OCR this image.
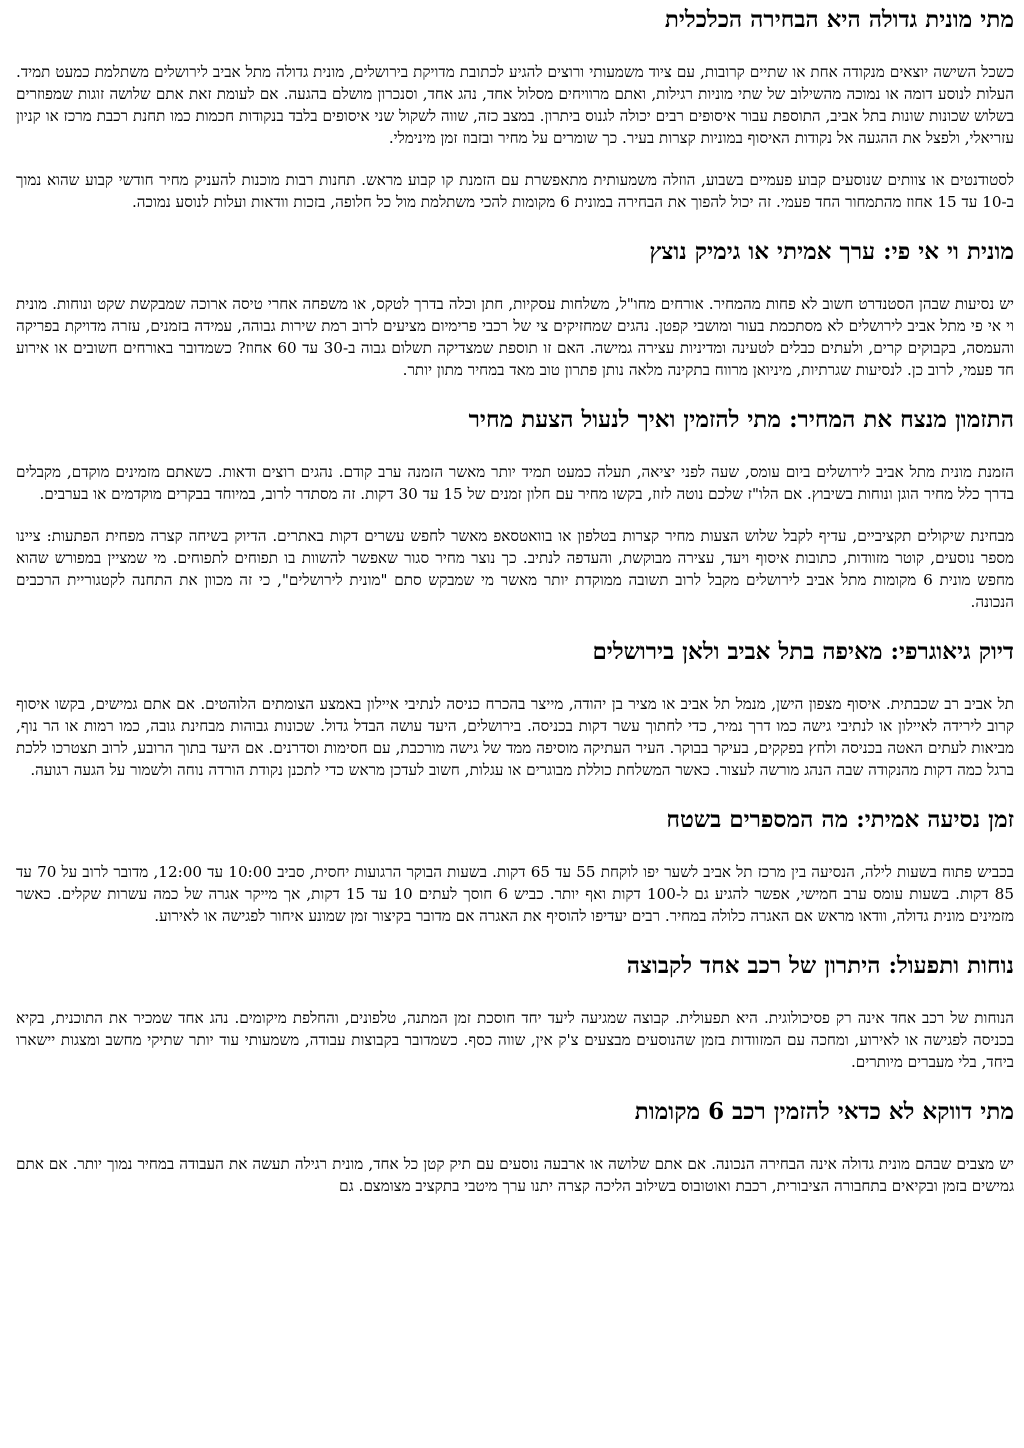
מתי מונית גדולה היא הבחירה הכלכלית

כשכל השישה יוצאים מנקודה אחת או שתיים קרובות, עם ציוד משמעותי ורוצים להגיע לכתובת מדויקת בירושלים, מונית גדולה מתל אביב לירושלים משתלמת כמעט תמיד. העלות לנוסע דומה או נמוכה מהשילוב של שתי מוניות רגילות, ואתם מרוויחים מסלול אחד, נהג אחד, וסנכרון מושלם בהגעה. אם לעומת זאת אתם שלושה זוגות שמפוזרים בשלוש שכונות שונות בתל אביב, התוספת עבור איסופים רבים יכולה לגנוס ביתרון. במצב כזה, שווה לשקול שני איסופים בלבד בנקודות חכמות כמו תחנת רכבת מרכז או קניון עזריאלי, ולפצל את ההגעה אל נקודות האיסוף במוניות קצרות בעיר. כך שומרים על מחיר ובזבוז זמן מינימלי.

לסטודנטים או צוותים שנוסעים קבוע פעמיים בשבוע, הוזלה משמעותית מתאפשרת עם הזמנת קו קבוע מראש. תחנות רבות מוכנות להעניק מחיר חודשי קבוע שהוא נמוך ב-10 עד 15 אחוז מהתמחור החד פעמי. זה יכול להפוך את הבחירה במונית 6 מקומות להכי משתלמת מול כל חלופה, בזכות וודאות ועלות לנוסע נמוכה.

מונית וי אי פי: ערך אמיתי או גימיק נוצץ

יש נסיעות שבהן הסטנדרט חשוב לא פחות מהמחיר. אורחים מחו"ל, משלחות עסקיות, חתן וכלה בדרך לטקס, או משפחה אחרי טיסה ארוכה שמבקשת שקט ונוחות. מונית וי אי פי מתל אביב לירושלים לא מסתכמת בעור ומושבי קפטן. נהגים שמחזיקים צי של רכבי פרימיום מציעים לרוב רמת שירות גבוהה, עמידה בזמנים, עזרה מדויקת בפריקה והעמסה, בקבוקים קרים, ולעתים כבלים לטעינה ומדיניות עצירה גמישה. האם זו תוספת שמצדיקה תשלום גבוה ב-30 עד 60 אחוז? כשמדובר באורחים חשובים או אירוע חד פעמי, לרוב כן. לנסיעות שגרתיות, מיניואן מרווח בתקינה מלאה נותן פתרון טוב מאד במחיר מתון יותר.

התזמון מנצח את המחיר: מתי להזמין ואיך לנעול הצעת מחיר

הזמנת מונית מתל אביב לירושלים ביום עומס, שעה לפני יציאה, תעלה כמעט תמיד יותר מאשר הזמנה ערב קודם. נהגים רוצים ודאות. כשאתם מזמינים מוקדם, מקבלים בדרך כלל מחיר הוגן ונוחות בשיבוץ. אם הלו"ז שלכם נוטה לזוז, בקשו מחיר עם חלון זמנים של 15 עד 30 דקות. זה מסתדר לרוב, במיוחד בבקרים מוקדמים או בערבים.

מבחינת שיקולים תקציביים, עדיף לקבל שלוש הצעות מחיר קצרות בטלפון או בוואטסאפ מאשר לחפש עשרים דקות באתרים. הדיוק בשיחה קצרה מפחית הפתעות: ציינו מספר נוסעים, קוטר מזוודות, כתובות איסוף ויעד, עצירה מבוקשת, והעדפה לנתיב. כך נוצר מחיר סגור שאפשר להשוות בו תפוחים לתפוחים. מי שמציין במפורש שהוא מחפש מונית 6 מקומות מתל אביב לירושלים מקבל לרוב תשובה ממוקדת יותר מאשר מי שמבקש סתם "מונית לירושלים", כי זה מכוון את התחנה לקטגוריית הרכבים הנכונה.

דיוק גיאוגרפי: מאיפה בתל אביב ולאן בירושלים

תל אביב רב שכבתית. איסוף מצפון הישן, מנמל תל אביב או מציר בן יהודה, מייצר בהכרח כניסה לנתיבי איילון באמצע הצומתים הלוהטים. אם אתם גמישים, בקשו איסוף קרוב לירידה לאיילון או לנתיבי גישה כמו דרך נמיר, כדי לחתוך עשר דקות בכניסה. בירושלים, היעד עושה הבדל גדול. שכונות גבוהות מבחינת גובה, כמו רמות או הר נוף, מביאות לעתים האטה בכניסה ולחץ בפקקים, בעיקר בבוקר. העיר העתיקה מוסיפה ממד של גישה מורכבת, עם חסימות וסדרנים. אם היעד בתוך הרובע, לרוב תצטרכו ללכת ברגל כמה דקות מהנקודה שבה הנהג מורשה לעצור. כאשר המשלחת כוללת מבוגרים או עגלות, חשוב לעדכן מראש כדי לתכנן נקודת הורדה נוחה ולשמור על הגעה רגועה.

זמן נסיעה אמיתי: מה המספרים בשטח

בכביש פתוח בשעות לילה, הנסיעה בין מרכז תל אביב לשער יפו לוקחת 55 עד 65 דקות. בשעות הבוקר הרגועות יחסית, סביב 10:00 עד 12:00, מדובר לרוב על 70 עד 85 דקות. בשעות עומס ערב חמישי, אפשר להגיע גם ל-100 דקות ואף יותר. כביש 6 חוסך לעתים 10 עד 15 דקות, אך מייקר אגרה של כמה עשרות שקלים. כאשר מזמינים מונית גדולה, וודאו מראש אם האגרה כלולה במחיר. רבים יעדיפו להוסיף את האגרה אם מדובר בקיצור זמן שמונע איחור לפגישה או לאירוע.

נוחות ותפעול: היתרון של רכב אחד לקבוצה

הנוחות של רכב אחד אינה רק פסיכולוגית. היא תפעולית. קבוצה שמגיעה ליעד יחד חוסכת זמן המתנה, טלפונים, והחלפת מיקומים. נהג אחד שמכיר את התוכנית, בקיא בכניסה לפגישה או לאירוע, ומחכה עם המזוודות בזמן שהנוסעים מבצעים צ'ק אין, שווה כסף. כשמדובר בקבוצות עבודה, משמעותי עוד יותר שתיקי מחשב ומצגות יישארו ביחד, בלי מעברים מיותרים.

מתי דווקא לא כדאי להזמין רכב 6 מקומות

יש מצבים שבהם מונית גדולה אינה הבחירה הנכונה. אם אתם שלושה או ארבעה נוסעים עם תיק קטן כל אחד, מונית רגילה תעשה את העבודה במחיר נמוך יותר. אם אתם גמישים בזמן ובקיאים בתחבורה הציבורית, רכבת ואוטובוס בשילוב הליכה קצרה יתנו ערך מיטבי בתקציב מצומצם. גם
